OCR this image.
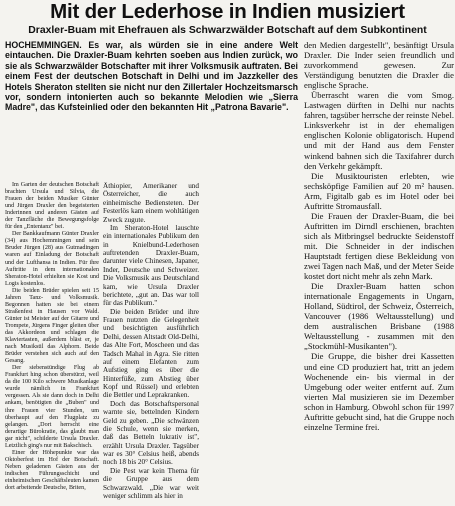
Mit der Lederhose in Indien musiziert
Draxler-Buam mit Ehefrauen als Schwarzwälder Botschaft auf dem Subkontinent

HOCHEMMINGEN. Es war, als würden sie in eine andere Welt eintauchen. Die Draxler-Buam kehrten soeben aus Indien zurück, wo sie als Schwarzwälder Botschafter mit ihrer Volksmusik auftraten. Bei einem Fest der deutschen Botschaft in Delhi und im Jazzkeller des Hotels Sheraton stellten sie nicht nur den Zillertaler Hochzeitsmarsch vor, sondern intonierten auch so bekannte Melodien wie „Sierra Madre", das Kufsteinlied oder den bekannten Hit „Patrona Bavarie".

Im Garten der deutschen Botschaft brachten Ursula und Silvia, die Frauen der beiden Musiker Günter und Jürgen Draxler den begeisterten Inderinnen und anderen Gästen auf der Tanzfläche die Bewegungsfolge für den „Ententanz" bei.

Der Bankkaufmann Günter Draxler (34) aus Hochemmingen und sein Bruder Jürgen (28) aus Gutmadingen waren auf Einladung der Botschaft und der Lufthansa in Indien. Für ihre Auftritte in dem internationalen Sheraton-Hotel erhielten sie Kost und Logis kostenlos.

Die beiden Brüder spielen seit 15 Jahren Tanz- und Volksmusik. Begonnen hatten sie bei einem Straßenfest in Hausen vor Wald. Günter ist Meister auf der Gitarre und Trompete, Jürgens Finger gleiten über das Akkordeon und schlagen die Klaviertasten, außerdem bläst er, je nach Musikstil das Alphorn. Beide Brüder verstehen sich auch auf den Gesang.

Der siebenstündige Flug ab Frankfurt hing schon überstürzt, weil da die 100 Kilo schwere Musikanlage wurde nämlich in Frankfurt vergessen. Als sie dann doch in Delhi ankam, benötigten die „Buben" und ihre Frauen vier Stunden, um überhaupt auf den Flugplatz zu gelangen. „Dort herrscht eine derartige Bürokratie, das glaubt man gar nicht", schilderte Ursula Draxler. Letztlich ging's nur mit Bakschisch.

Einer der Höhepunkte war das Oktoberfest im Hof der Botschaft. Neben geladenen Gästen aus der indischen Führungsschicht und einheimischen Geschäftsleuten kamen dort arbeitende Deutsche, Briten,

Äthiopier, Amerikaner und Österreicher, die auch einheimische Bediensteten. Der Festerlös kam einem wohltätigen Zweck zugute.

Im Sheraton-Hotel lauschte ein internationales Publikum den in Knielbund-Lederhosen auftretenden Draxler-Buam, darunter viele Chinesen, Japaner, Inder, Deutsche und Schweizer. Die Volksmusik aus Deutschland kam, wie Ursula Draxler berichtete, „gut an. Das war toll für das Publikum."

Die beiden Brüder und ihre Frauen nutzten die Gelegenheit und besichtigten ausführlich Delhi, dessen Altstadt Old-Delhi, das Alte Fort, Moscheen und das Tadsch Mahal in Agra. Sie ritten auf einem Elefanten zum Aufstieg ging es über die Hinterfüße, zum Abstieg über Kopf und Rüssel) und erlebten die Bettler und Leprakranken.

Doch das Botschaftspersonal warnte sie, bettelnden Kindern Geld zu geben. „Die schwänzen die Schule, wenn sie merken, daß das Betteln lukrativ ist", erzählt Ursula Draxler. Tagsüber war es 30° Celsius heiß, abends noch 18 bis 20° Celsius.

Die Pest war kein Thema für die Gruppe aus dem Schwarzwald. „Die war weit weniger schlimm als hier in

den Medien dargestellt", besänftigt Ursula Draxler. Die Inder seien freundlich und zuvorkommend gewesen. Zur Verständigung benutzten die Draxler die englische Sprache.

Überrascht waren die vom Smog. Lastwagen dürften in Delhi nur nachts fahren, tagsüber herrsche der reinste Nebel. Linksverkehr ist in der ehemaligen englischen Kolonie obligatorisch. Hupend und mit der Hand aus dem Fenster winkend bahnen sich die Taxifahrer durch den Verkehr gekämpft.

Die Musiktouristen erlebten, wie sechsköpfige Familien auf 20 m² hausen. Arm, Figitalb gab es im Hotel oder bei Auftritte Stromausfall.

Die Frauen der Draxler-Buam, die bei Auftritten im Dirndl erschienen, brachten sich als Mitbringsel bedruckte Seidenstoff mit. Die Schneider in der indischen Hauptstadt fertigen diese Bekleidung von zwei Tagen nach Maß, und der Meter Seide kostet dort nicht mehr als zehn Mark.

Die Draxler-Buam hatten schon internationale Engagements in Ungarn, Holland, Südtirol, der Schweiz, Österreich, Vancouver (1986 Weltausstellung) und dem australischen Brisbane (1988 Weltausstellung - zusammen mit den „Stockmühl-Musikanten").

Die Gruppe, die bisher drei Kassetten und eine CD produziert hat, tritt an jedem Wochenende ein- bis viermal in der Umgebung oder weiter entfernt auf. Zum vierten Mal musizieren sie im Dezember schon in Hamburg. Obwohl schon für 1997 Auftritte gebucht sind, hat die Gruppe noch einzelne Termine frei.
